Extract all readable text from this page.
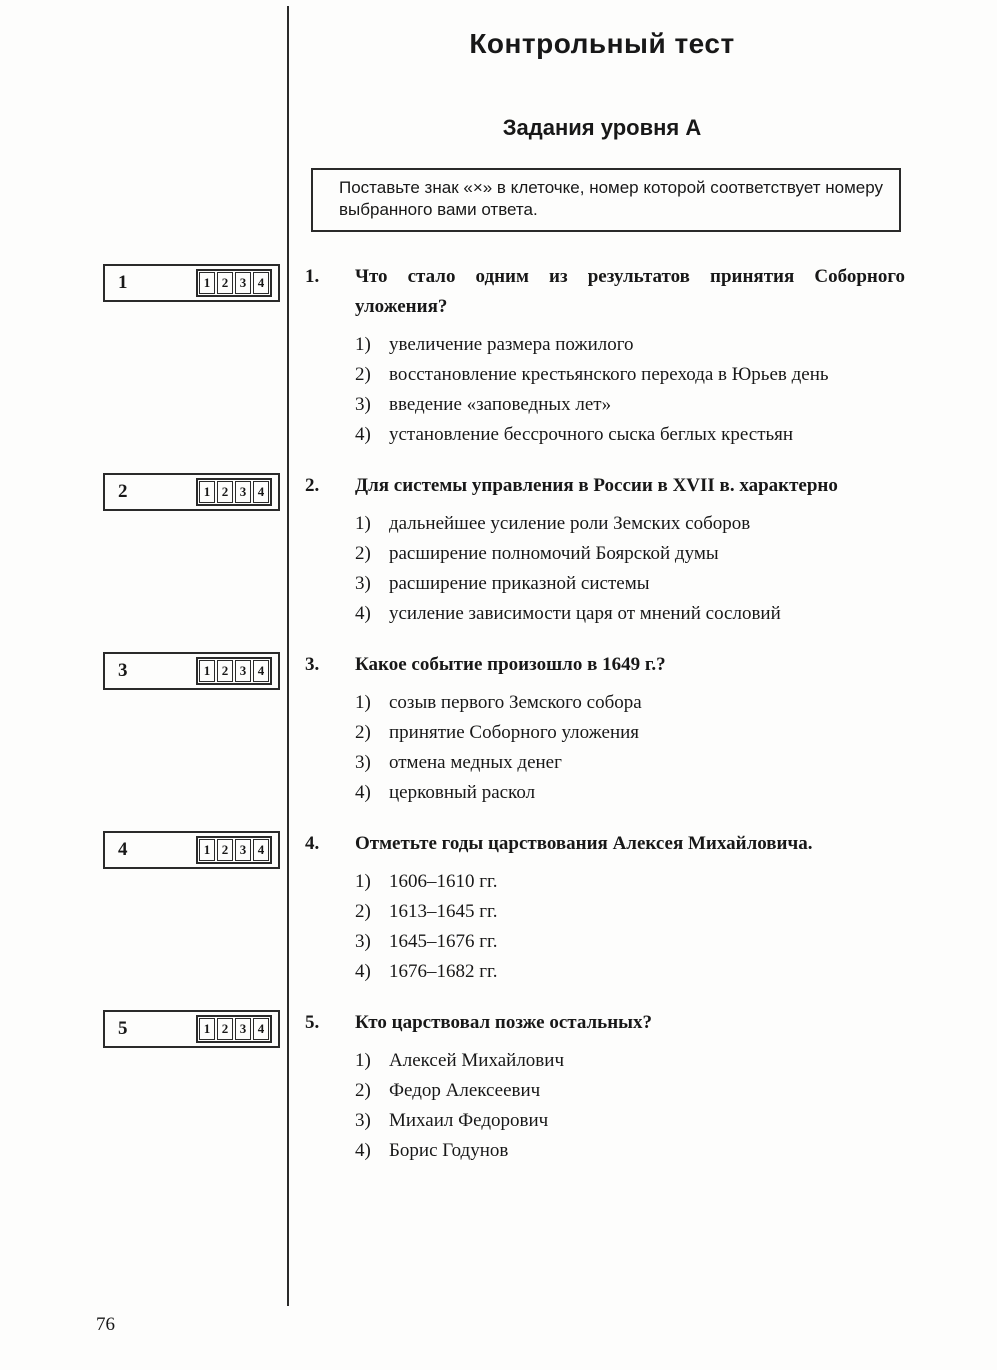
Контрольный тест
Задания уровня А
Поставьте знак «×» в клеточке, номер которой соответствует номеру выбранного вами ответа.
1	1 2 3 4 1.	Что стало одним из результатов принятия Соборного уложения?
1) увеличение размера пожилого
2) восстановление крестьянского перехода в Юрьев день
3) введение «заповедных лет»
4) установление бессрочного сыска беглых крестьян
2	1 2 3 4 2.	Для системы управления в России в XVII в. характерно
1) дальнейшее усиление роли Земских соборов
2) расширение полномочий Боярской думы
3) расширение приказной системы
4) усиление зависимости царя от мнений сословий
3	1 2 3 4 3.	Какое событие произошло в 1649 г.?
1) созыв первого Земского собора
2) принятие Соборного уложения
3) отмена медных денег
4) церковный раскол
4	1 2 3 4 4.	Отметьте годы царствования Алексея Михайловича.
1) 1606–1610 гг.
2) 1613–1645 гг.
3) 1645–1676 гг.
4) 1676–1682 гг.
5	1 2 3 4 5.	Кто царствовал позже остальных?
1) Алексей Михайлович
2) Федор Алексеевич
3) Михаил Федорович
4) Борис Годунов
76
